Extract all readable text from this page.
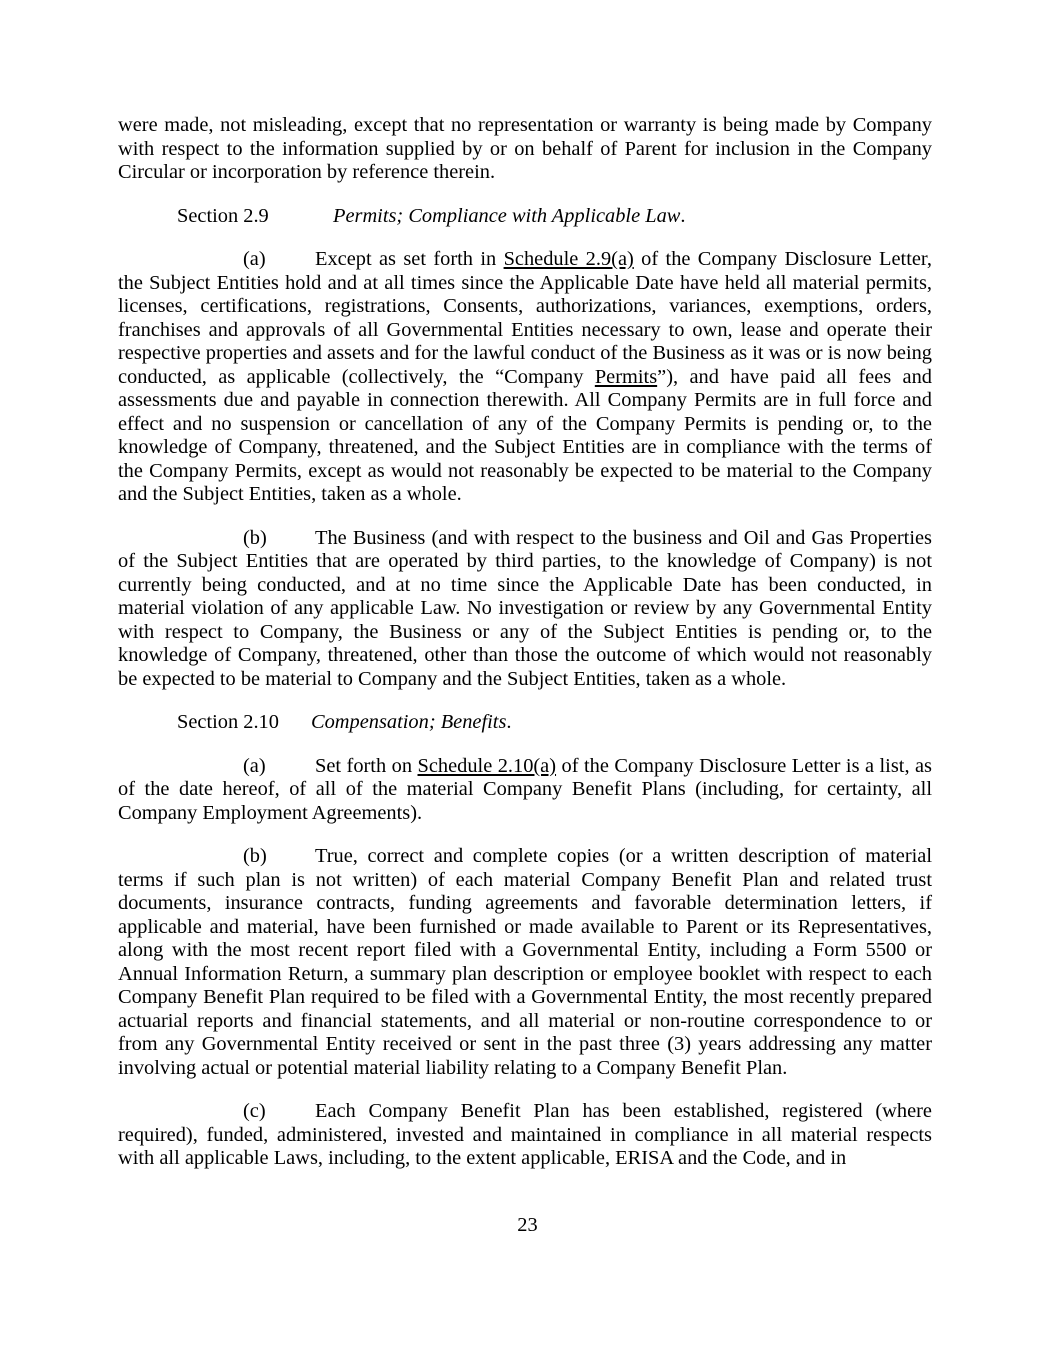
were made, not misleading, except that no representation or warranty is being made by Company with respect to the information supplied by or on behalf of Parent for inclusion in the Company Circular or incorporation by reference therein.

Section 2.9	Permits; Compliance with Applicable Law.

(a) Except as set forth in Schedule 2.9(a) of the Company Disclosure Letter, the Subject Entities hold and at all times since the Applicable Date have held all material permits, licenses, certifications, registrations, Consents, authorizations, variances, exemptions, orders, franchises and approvals of all Governmental Entities necessary to own, lease and operate their respective properties and assets and for the lawful conduct of the Business as it was or is now being conducted, as applicable (collectively, the “Company Permits”), and have paid all fees and assessments due and payable in connection therewith. All Company Permits are in full force and effect and no suspension or cancellation of any of the Company Permits is pending or, to the knowledge of Company, threatened, and the Subject Entities are in compliance with the terms of the Company Permits, except as would not reasonably be expected to be material to the Company and the Subject Entities, taken as a whole.

(b) The Business (and with respect to the business and Oil and Gas Properties of the Subject Entities that are operated by third parties, to the knowledge of Company) is not currently being conducted, and at no time since the Applicable Date has been conducted, in material violation of any applicable Law. No investigation or review by any Governmental Entity with respect to Company, the Business or any of the Subject Entities is pending or, to the knowledge of Company, threatened, other than those the outcome of which would not reasonably be expected to be material to Company and the Subject Entities, taken as a whole.

Section 2.10 Compensation; Benefits.

(a) Set forth on Schedule 2.10(a) of the Company Disclosure Letter is a list, as of the date hereof, of all of the material Company Benefit Plans (including, for certainty, all Company Employment Agreements).

(b) True, correct and complete copies (or a written description of material terms if such plan is not written) of each material Company Benefit Plan and related trust documents, insurance contracts, funding agreements and favorable determination letters, if applicable and material, have been furnished or made available to Parent or its Representatives, along with the most recent report filed with a Governmental Entity, including a Form 5500 or Annual Information Return, a summary plan description or employee booklet with respect to each Company Benefit Plan required to be filed with a Governmental Entity, the most recently prepared actuarial reports and financial statements, and all material or non-routine correspondence to or from any Governmental Entity received or sent in the past three (3) years addressing any matter involving actual or potential material liability relating to a Company Benefit Plan.

(c) Each Company Benefit Plan has been established, registered (where required), funded, administered, invested and maintained in compliance in all material respects with all applicable Laws, including, to the extent applicable, ERISA and the Code, and in

23
